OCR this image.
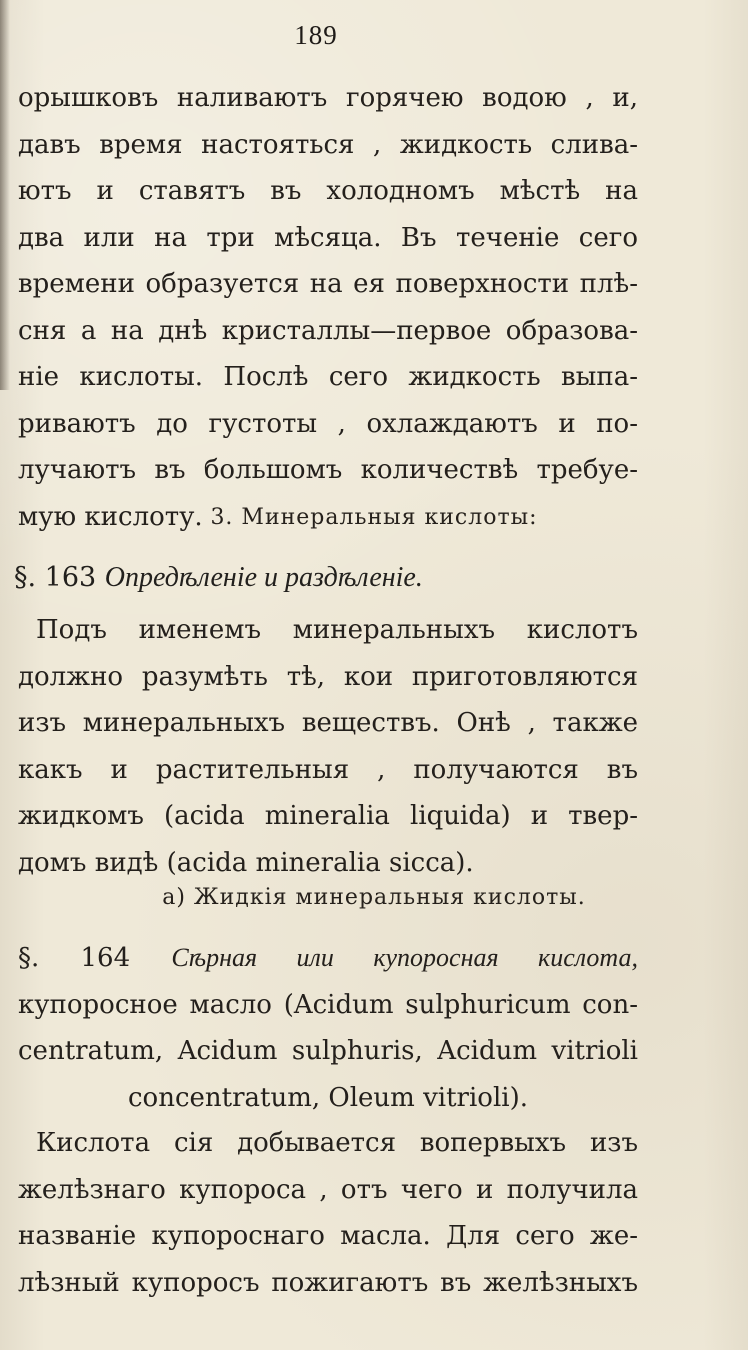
189
орышковъ наливаютъ горячею водою , и,
давъ время настояться , жидкость слива-
ютъ и ставятъ въ холодномъ мѣстѣ на
два или на три мѣсяца. Въ теченіе сего
времени образуется на ея поверхности плѣ-
сня а на днѣ кристаллы—первое образова-
ніе кислоты. Послѣ сего жидкость выпа-
риваютъ до густоты , охлаждаютъ и по-
лучаютъ въ большомъ количествѣ требуе-
мую кислоту. 3. Минеральныя кислоты:
§. 163 Опредѣленіе и раздѣленіе.
Подъ именемъ минеральныхъ кислотъ
должно разумѣть тѣ, кои приготовляются
изъ минеральныхъ веществъ. Онѣ , также
какъ и растительныя , получаются въ
жидкомъ (acida mineralia liquida) и твер-
домъ видѣ (acida mineralia sicca).
а) Жидкія минеральныя кислоты.
§. 164 Сѣрная или купоросная кислота,
купоросное масло (Acidum sulphuricum con-
centratum, Acidum sulphuris, Acidum vitrioli
concentratum, Oleum vitrioli).
Кислота сія добывается вопервыхъ изъ
желѣзнаго купороса , отъ чего и получила
названіе купороснаго масла. Для сего же-
лѣзный купоросъ пожигаютъ въ желѣзныхъ
